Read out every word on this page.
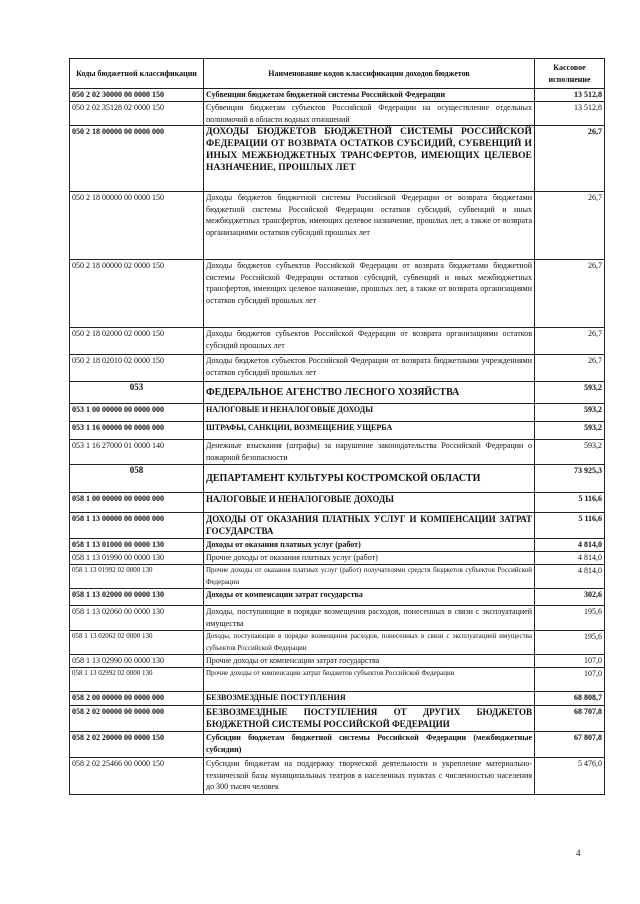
Коды бюджетной классификации	Наименование кодов классификации доходов бюджетов	Кассовое исполнение
050 2 02 30000 00 0000 150	Субвенции бюджетам бюджетной системы Российской Федерации	13 512,8
050 2 02 35128 02 0000 150	Субвенции бюджетам субъектов Российской Федерации на осуществление отдельных полномочий в области водных отношений	13 512,8
050 2 18 00000 00 0000 000	ДОХОДЫ БЮДЖЕТОВ БЮДЖЕТНОЙ СИСТЕМЫ РОССИЙСКОЙ ФЕДЕРАЦИИ ОТ ВОЗВРАТА ОСТАТКОВ СУБСИДИЙ, СУБВЕНЦИЙ И ИНЫХ МЕЖБЮДЖЕТНЫХ ТРАНСФЕРТОВ, ИМЕЮЩИХ ЦЕЛЕВОЕ НАЗНАЧЕНИЕ, ПРОШЛЫХ ЛЕТ	26,7
050 2 18 00000 00 0000 150	Доходы бюджетов бюджетной системы Российской Федерации от возврата бюджетами бюджетной системы Российской Федерации остатков субсидий, субвенций и иных межбюджетных трансфертов, имеющих целевое назначение, прошлых лет, а также от возврата организациями остатков субсидий прошлых лет	26,7
050 2 18 00000 02 0000 150	Доходы бюджетов субъектов Российской Федерации от возврата бюджетами бюджетной системы Российской Федерации остатков субсидий, субвенций и иных межбюджетных трансфертов, имеющих целевое назначение, прошлых лет, а также от возврата организациями остатков субсидий прошлых лет	26,7
050 2 18 02000 02 0000 150	Доходы бюджетов субъектов Российской Федерации от возврата организациями остатков субсидий прошлых лет	26,7
050 2 18 02010 02 0000 150	Доходы бюджетов субъектов Российской Федерации от возврата бюджетными учреждениями остатков субсидий прошлых лет	26,7
053	ФЕДЕРАЛЬНОЕ АГЕНСТВО ЛЕСНОГО ХОЗЯЙСТВА	593,2
053 1 00 00000 00 0000 000	НАЛОГОВЫЕ И НЕНАЛОГОВЫЕ ДОХОДЫ	593,2
053 1 16 00000 00 0000 000	ШТРАФЫ, САНКЦИИ, ВОЗМЕЩЕНИЕ УЩЕРБА	593,2
053 1 16 27000 01 0000 140	Денежные взыскания (штрафы) за нарушение законодательства Российской Федерации о пожарной безопасности	593,2
058	ДЕПАРТАМЕНТ КУЛЬТУРЫ КОСТРОМСКОЙ ОБЛАСТИ	73 925,3
058 1 00 00000 00 0000 000	НАЛОГОВЫЕ И НЕНАЛОГОВЫЕ ДОХОДЫ	5 116,6
058 1 13 00000 00 0000 000	ДОХОДЫ ОТ ОКАЗАНИЯ ПЛАТНЫХ УСЛУГ И КОМПЕНСАЦИИ ЗАТРАТ ГОСУДАРСТВА	5 116,6
058 1 13 01000 00 0000 130	Доходы от оказания платных услуг (работ)	4 814,0
058 1 13 01990 00 0000 130	Прочие доходы от оказания платных услуг (работ)	4 814,0
058 1 13 01992 02 0000 130	Прочие доходы от оказания платных услуг (работ) получателями средств бюджетов субъектов Российской Федерации	4 814,0
058 1 13 02000 00 0000 130	Доходы от компенсации затрат государства	302,6
058 1 13 02060 00 0000 130	Доходы, поступающие в порядке возмещения расходов, понесенных в связи с эксплуатацией имущества	195,6
058 1 13 02062 02 0000 130	Доходы, поступающие в порядке возмещения расходов, понесенных в связи с эксплуатацией имущества субъектов Российской Федерации	195,6
058 1 13 02990 00 0000 130	Прочие доходы от компенсации затрат государства	107,0
058 1 13 02992 02 0000 130	Прочие доходы от компенсации затрат бюджетов субъектов Российской Федерации	107,0
058 2 00 00000 00 0000 000	БЕЗВОЗМЕЗДНЫЕ ПОСТУПЛЕНИЯ	68 808,7
058 2 02 00000 00 0000 000	БЕЗВОЗМЕЗДНЫЕ ПОСТУПЛЕНИЯ ОТ ДРУГИХ БЮДЖЕТОВ БЮДЖЕТНОЙ СИСТЕМЫ РОССИЙСКОЙ ФЕДЕРАЦИИ	68 707,8
058 2 02 20000 00 0000 150	Субсидии бюджетам бюджетной системы Российской Федерации (межбюджетные субсидии)	67 807,8
058 2 02 25466 00 0000 150	Субсидии бюджетам на поддержку творческой деятельности и укрепление материально-технической базы муниципальных театров в населенных пунктах с численностью населения до 300 тысяч человек	5 476,0
4
